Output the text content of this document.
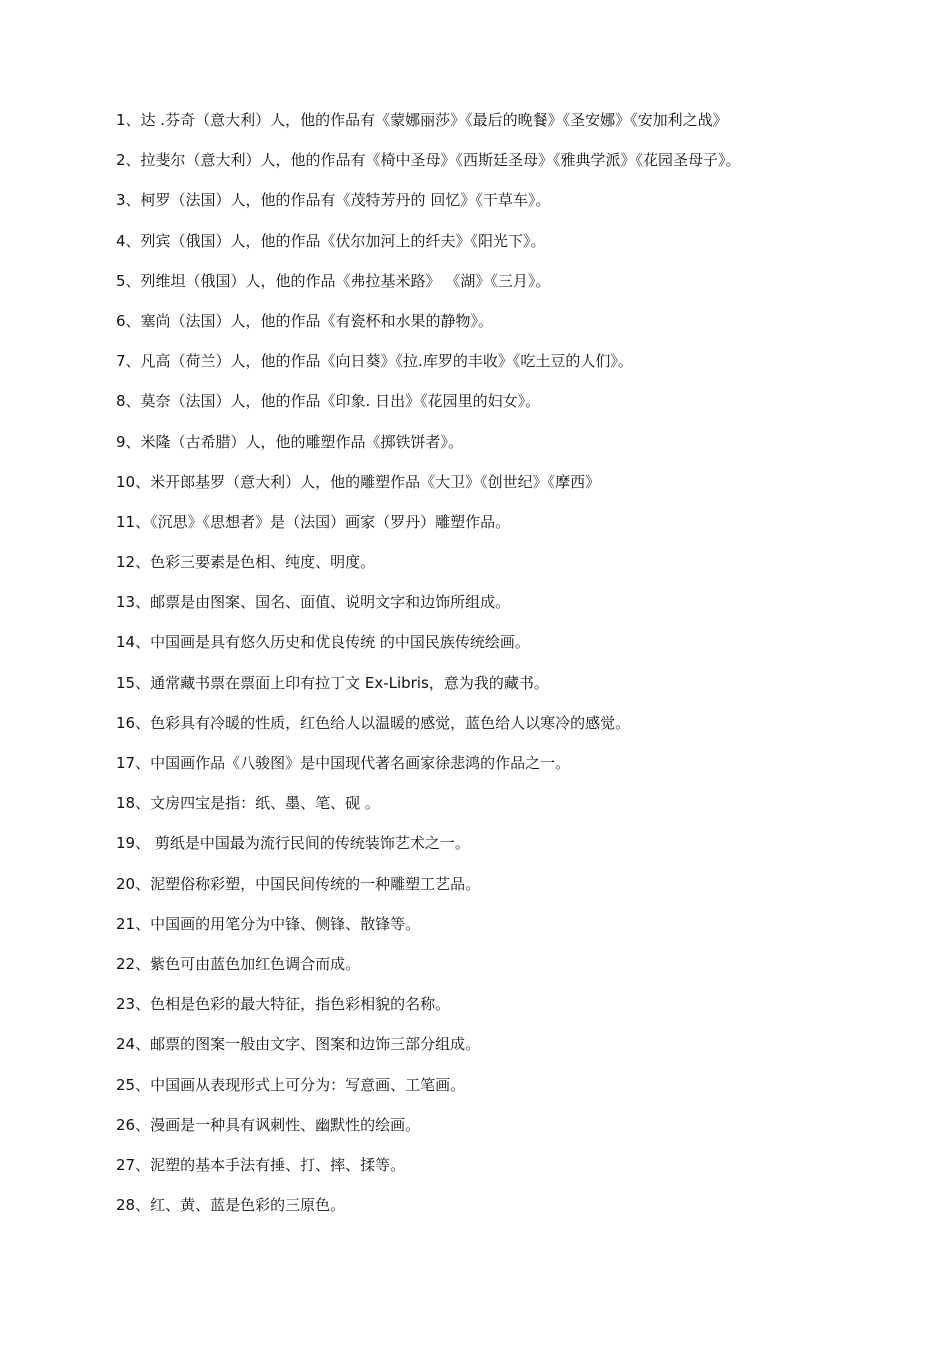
1、达 .芬奇（意大利）人，他的作品有《蒙娜丽莎》《最后的晚餐》《圣安娜》《安加利之战》
2、拉斐尔（意大利）人，他的作品有《椅中圣母》《西斯廷圣母》《雅典学派》《花园圣母子》。
3、柯罗（法国）人，他的作品有《茂特芳丹的 回忆》《干草车》。
4、列宾（俄国）人，他的作品《伏尔加河上的纤夫》《阳光下》。
5、列维坦（俄国）人，他的作品《弗拉基米路》 《湖》《三月》。
6、塞尚（法国）人，他的作品《有瓷杯和水果的静物》。
7、凡高（荷兰）人，他的作品《向日葵》《拉.库罗的丰收》《吃土豆的人们》。
8、莫奈（法国）人，他的作品《印象. 日出》《花园里的妇女》。
9、米隆（古希腊）人，他的雕塑作品《掷铁饼者》。
10、米开郎基罗（意大利）人，他的雕塑作品《大卫》《创世纪》《摩西》
11、《沉思》《思想者》是（法国）画家（罗丹）雕塑作品。
12、色彩三要素是色相、纯度、明度。
13、邮票是由图案、国名、面值、说明文字和边饰所组成。
14、中国画是具有悠久历史和优良传统 的中国民族传统绘画。
15、通常藏书票在票面上印有拉丁文 Ex-Libris，意为我的藏书。
16、色彩具有冷暖的性质，红色给人以温暖的感觉，蓝色给人以寒冷的感觉。
17、中国画作品《八骏图》是中国现代著名画家徐悲鸿的作品之一。
18、文房四宝是指：纸、墨、笔、砚 。
19、 剪纸是中国最为流行民间的传统装饰艺术之一。
20、泥塑俗称彩塑，中国民间传统的一种雕塑工艺品。
21、中国画的用笔分为中锋、侧锋、散锋等。
22、紫色可由蓝色加红色调合而成。
23、色相是色彩的最大特征，指色彩相貌的名称。
24、邮票的图案一般由文字、图案和边饰三部分组成。
25、中国画从表现形式上可分为：写意画、工笔画。
26、漫画是一种具有讽刺性、幽默性的绘画。
27、泥塑的基本手法有捶、打、摔、揉等。
28、红、黄、蓝是色彩的三原色。
